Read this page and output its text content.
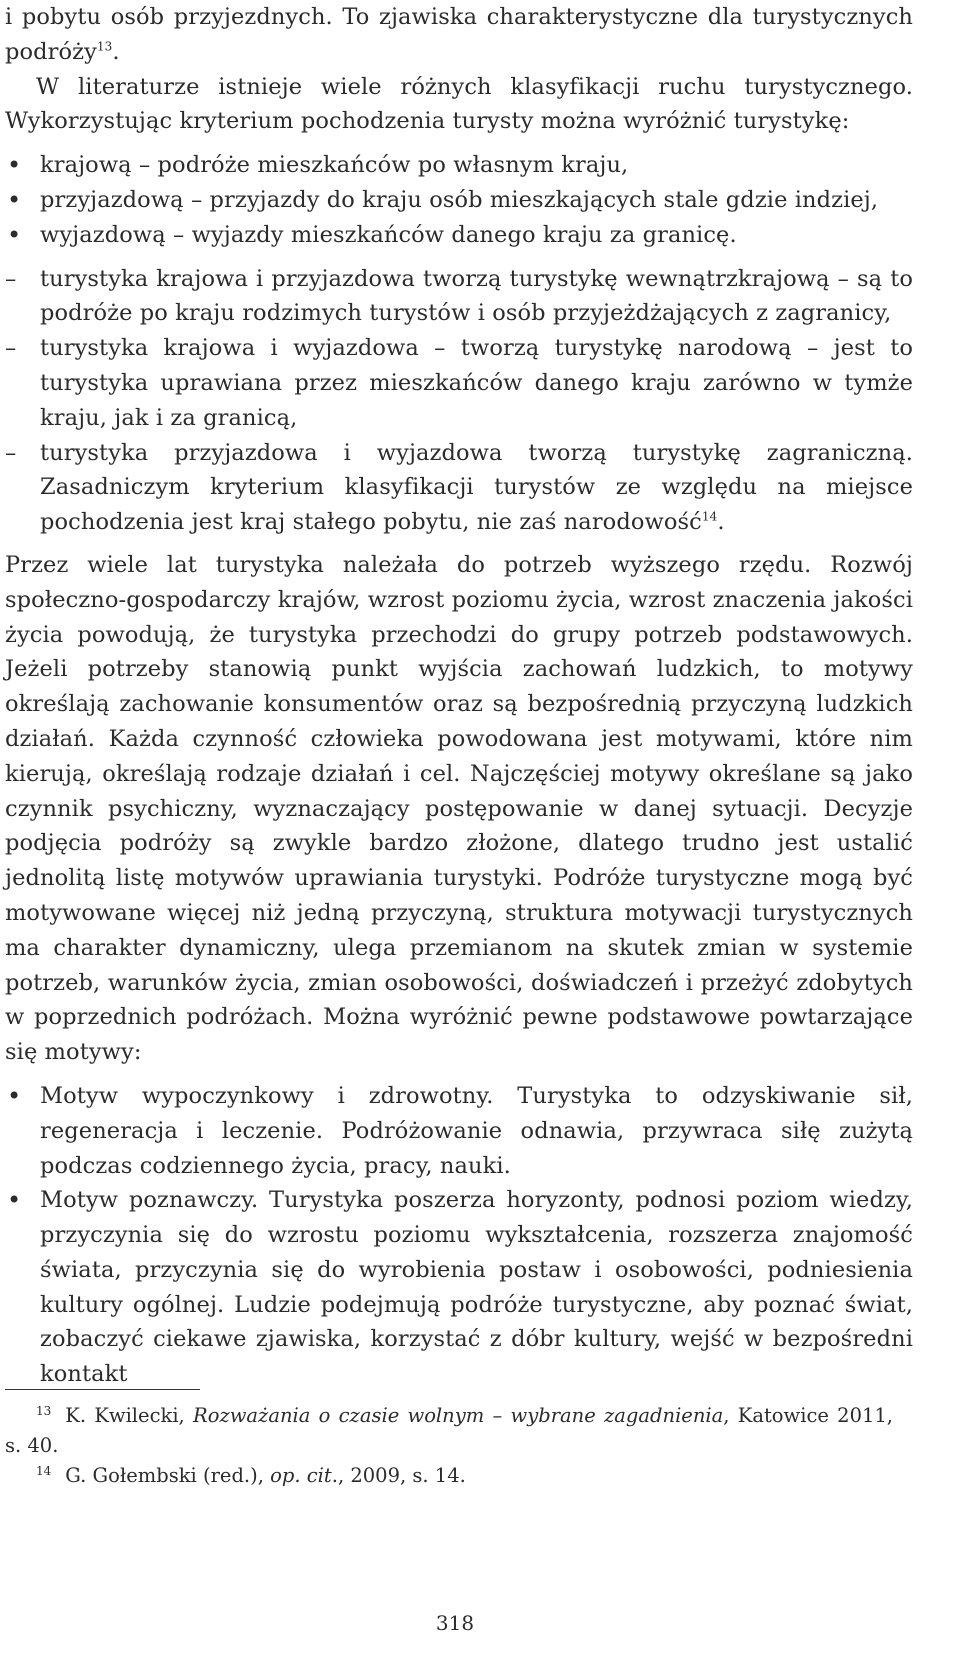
i pobytu osób przyjezdnych. To zjawiska charakterystyczne dla turystycznych podróży$^{13}$.

W literaturze istnieje wiele różnych klasyfikacji ruchu turystycznego. Wykorzystując kryterium pochodzenia turysty można wyróżnić turystykę:

• krajową – podróże mieszkańców po własnym kraju,
• przyjazdową – przyjazdy do kraju osób mieszkających stale gdzie indziej,
• wyjazdową – wyjazdy mieszkańców danego kraju za granicę.
– turystyka krajowa i przyjazdowa tworzą turystykę wewnątrzkrajową – są to podróże po kraju rodzimych turystów i osób przyjeżdżających z zagranicy,
– turystyka krajowa i wyjazdowa – tworzą turystykę narodową – jest to turystyka uprawiana przez mieszkańców danego kraju zarówno w tymże kraju, jak i za granicą,
– turystyka przyjazdowa i wyjazdowa tworzą turystykę zagraniczną. Zasadniczym kryterium klasyfikacji turystów ze względu na miejsce pochodzenia jest kraj stałego pobytu, nie zaś narodowość$^{14}$.

Przez wiele lat turystyka należała do potrzeb wyższego rzędu. Rozwój społeczno-gospodarczy krajów, wzrost poziomu życia, wzrost znaczenia jakości życia powodują, że turystyka przechodzi do grupy potrzeb podstawowych. Jeżeli potrzeby stanowią punkt wyjścia zachowań ludzkich, to motywy określają zachowanie konsumentów oraz są bezpośrednią przyczyną ludzkich działań. Każda czynność człowieka powodowana jest motywami, które nim kierują, określają rodzaje działań i cel. Najczęściej motywy określane są jako czynnik psychiczny, wyznaczający postępowanie w danej sytuacji. Decyzje podjęcia podróży są zwykle bardzo złożone, dlatego trudno jest ustalić jednolitą listę motywów uprawiania turystyki. Podróże turystyczne mogą być motywowane więcej niż jedną przyczyną, struktura motywacji turystycznych ma charakter dynamiczny, ulega przemianom na skutek zmian w systemie potrzeb, warunków życia, zmian osobowości, doświadczeń i przeżyć zdobytych w poprzednich podróżach. Można wyróżnić pewne podstawowe powtarzające się motywy:

• Motyw wypoczynkowy i zdrowotny. Turystyka to odzyskiwanie sił, regeneracja i leczenie. Podróżowanie odnawia, przywraca siłę zużytą podczas codziennego życia, pracy, nauki.
• Motyw poznawczy. Turystyka poszerza horyzonty, podnosi poziom wiedzy, przyczynia się do wzrostu poziomu wykształcenia, rozszerza znajomość świata, przyczynia się do wyrobienia postaw i osobowości, podniesienia kultury ogólnej. Ludzie podejmują podróże turystyczne, aby poznać świat, zobaczyć ciekawe zjawiska, korzystać z dóbr kultury, wejść w bezpośredni kontakt

$^{13}$ K. Kwilecki, Rozważania o czasie wolnym – wybrane zagadnienia, Katowice 2011, s. 40.

$^{14}$ G. Gołembski (red.), op. cit., 2009, s. 14.

318
